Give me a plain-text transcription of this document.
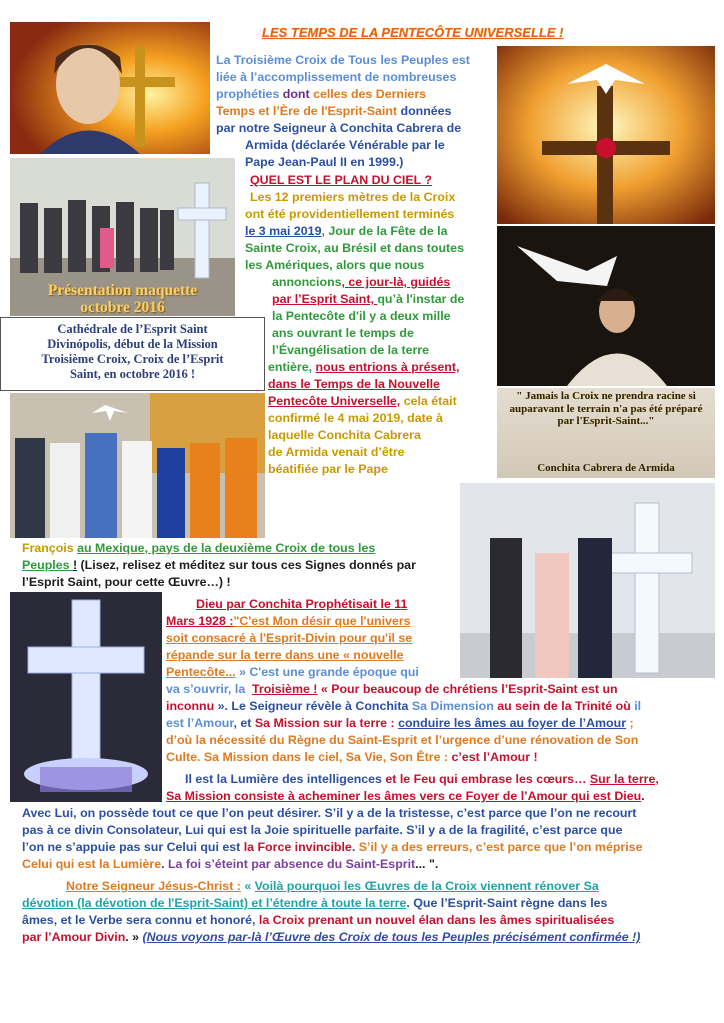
LES TEMPS DE LA PENTECÔTE UNIVERSELLE !
Présentation maquette
octobre 2016
Cathédrale de l’Esprit Saint
Divinópolis, début de la Mission
Troisième Croix, Croix de l’Esprit
Saint, en octobre 2016 !
" Jamais la Croix ne prendra racine si
auparavant le terrain n'a pas été préparé
par l'Esprit-Saint..."
Conchita Cabrera de Armida
La Troisième Croix de Tous les Peuples est
liée à l’accomplissement de nombreuses
prophéties dont celles des Derniers
Temps et l’Ère de l'Esprit-Saint données
par notre Seigneur à Conchita Cabrera de
Armida (déclarée Vénérable par le
Pape Jean-Paul II en 1999.)
QUEL EST LE PLAN DU CIEL ?
Les 12 premiers mètres de la Croix
ont été providentiellement terminés
le 3 mai 2019, Jour de la Fête de la
Sainte Croix, au Brésil et dans toutes
les Amériques, alors que nous
annoncions, ce jour-là, guidés
par l’Esprit Saint, qu’à l'instar de
la Pentecôte d'il y a deux mille
ans ouvrant le temps de
l’Évangélisation de la terre
entière, nous entrions à présent,
dans le Temps de la Nouvelle
Pentecôte Universelle, cela était
confirmé le 4 mai 2019, date à
laquelle Conchita Cabrera
de Armida venait d’être
béatifiée par le Pape
François au Mexique, pays de la deuxième Croix de tous les
Peuples ! (Lisez, relisez et méditez sur tous ces Signes donnés par
l’Esprit Saint, pour cette Œuvre…) !
Dieu par Conchita Prophétisait le 11
Mars 1928 :"C'est Mon désir que l'univers
soit consacré à l'Esprit-Divin pour qu'il se
répande sur la terre dans une « nouvelle
Pentecôte... » C'est une grande époque qui
va s’ouvrir, la Troisième ! « Pour beaucoup de chrétiens l’Esprit-Saint est un
inconnu ». Le Seigneur révèle à Conchita Sa Dimension au sein de la Trinité où il
est l’Amour, et Sa Mission sur la terre : conduire les âmes au foyer de l’Amour ;
d’où la nécessité du Règne du Saint-Esprit et l’urgence d’une rénovation de Son
Culte. Sa Mission dans le ciel, Sa Vie, Son Être : c’est l’Amour !
Il est la Lumière des intelligences et le Feu qui embrase les cœurs… Sur la terre,
Sa Mission consiste à acheminer les âmes vers ce Foyer de l’Amour qui est Dieu.
Avec Lui, on possède tout ce que l’on peut désirer. S’il y a de la tristesse, c’est parce que l’on ne recourt
pas à ce divin Consolateur, Lui qui est la Joie spirituelle parfaite. S’il y a de la fragilité, c’est parce que
l’on ne s’appuie pas sur Celui qui est la Force invincible. S’il y a des erreurs, c’est parce que l’on méprise
Celui qui est la Lumière. La foi s’éteint par absence du Saint-Esprit... ".
Notre Seigneur Jésus-Christ : « Voilà pourquoi les Œuvres de la Croix viennent rénover Sa
dévotion (la dévotion de l'Esprit-Saint) et l’étendre à toute la terre. Que l’Esprit-Saint règne dans les
âmes, et le Verbe sera connu et honoré, la Croix prenant un nouvel élan dans les âmes spiritualisées
par l’Amour Divin. » (Nous voyons par-là l’Œuvre des Croix de tous les Peuples précisément confirmée !)
